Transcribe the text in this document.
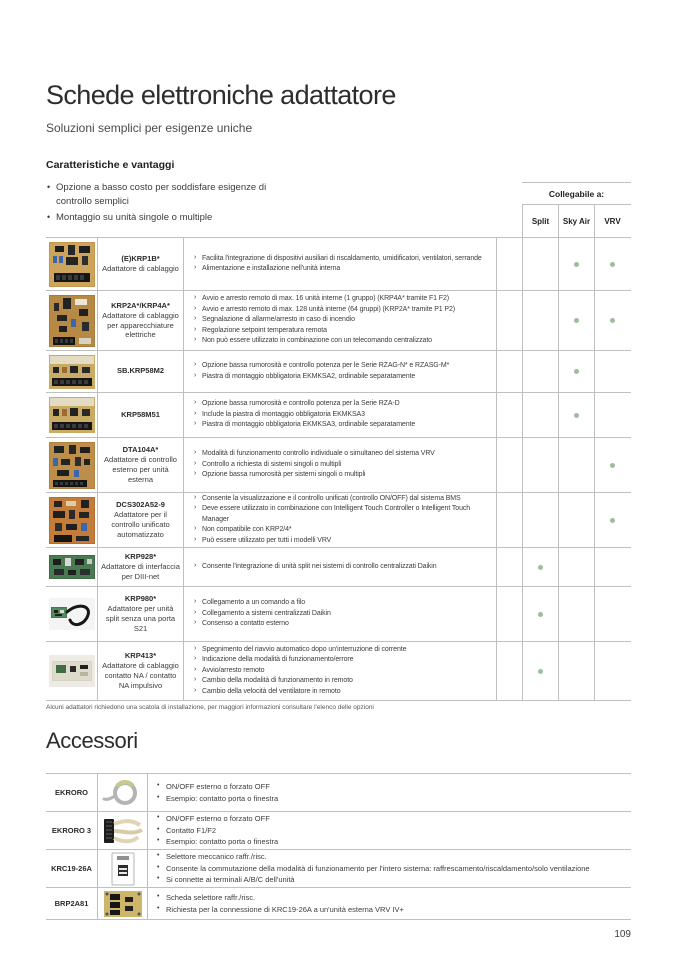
Schede elettroniche adattatore

Soluzioni semplici per esigenze uniche

Caratteristiche e vantaggi
• Opzione a basso costo per soddisfare esigenze di controllo semplici
• Montaggio su unità singole o multiple
Collegabile a:
Split	Sky Air	VRV
(E)KRP1B*
Adattatore di cablaggio
› Facilita l'integrazione di dispositivi ausiliari di riscaldamento, umidificatori, ventilatori, serrande
› Alimentazione e installazione nell'unità interna
KRP2A*/KRP4A*
Adattatore di cablaggio per apparecchiature elettriche
› Avvio e arresto remoto di max. 16 unità interne (1 gruppo) (KRP4A* tramite F1 F2)
› Avvio e arresto remoto di max. 128 unità interne (64 gruppi) (KRP2A* tramite P1 P2)
› Segnalazione di allarme/arresto in caso di incendio
› Regolazione setpoint temperatura remota
› Non può essere utilizzato in combinazione con un telecomando centralizzato
SB.KRP58M2
› Opzione bassa rumorosità e controllo potenza per le Serie RZAG-N* e RZASG-M*
› Piastra di montaggio obbligatoria EKMKSA2, ordinabile separatamente
KRP58M51
› Opzione bassa rumorosità e controllo potenza per la Serie RZA-D
› Include la piastra di montaggio obbligatoria EKMKSA3
› Piastra di montaggio obbligatoria EKMKSA3, ordinabile separatamente
DTA104A*
Adattatore di controllo esterno per unità esterna
› Modalità di funzionamento controllo individuale o simultaneo del sistema VRV
› Controllo a richiesta di sistemi singoli o multipli
› Opzione bassa rumorosità per sistemi singoli o multipli
DCS302A52-9
Adattatore per il controllo unificato automatizzato
› Consente la visualizzazione e il controllo unificati (controllo ON/OFF) dal sistema BMS
› Deve essere utilizzato in combinazione con Intelligent Touch Controller o Intelligent Touch Manager
› Non compatibile con KRP2/4*
› Può essere utilizzato per tutti i modelli VRV
KRP928*
Adattatore di interfaccia per DIII-net
› Consente l'integrazione di unità split nei sistemi di controllo centralizzati Daikin
KRP980*
Adattatore per unità split senza una porta S21
› Collegamento a un comando a filo
› Collegamento a sistemi centralizzati Daikin
› Consenso a contatto esterno
KRP413*
Adattatore di cablaggio contatto NA / contatto NA impulsivo
› Spegnimento del riavvio automatico dopo un'interruzione di corrente
› Indicazione della modalità di funzionamento/errore
› Avvio/arresto remoto
› Cambio della modalità di funzionamento in remoto
› Cambio della velocità del ventilatore in remoto
Alcuni adattatori richiedono una scatola di installazione, per maggiori informazioni consultare l'elenco delle opzioni
Accessori
EKRORO
• ON/OFF esterno o forzato OFF
• Esempio: contatto porta o finestra
EKRORO 3
• ON/OFF esterno o forzato OFF
• Contatto F1/F2
• Esempio: contatto porta o finestra
KRC19-26A
• Selettore meccanico raffr./risc.
• Consente la commutazione della modalità di funzionamento per l'intero sistema: raffrescamento/riscaldamento/solo ventilazione
• Si connette ai terminali A/B/C dell'unità
BRP2A81
• Scheda selettore raffr./risc.
• Richiesta per la connessione di KRC19-26A a un'unità esterna VRV IV+
109
